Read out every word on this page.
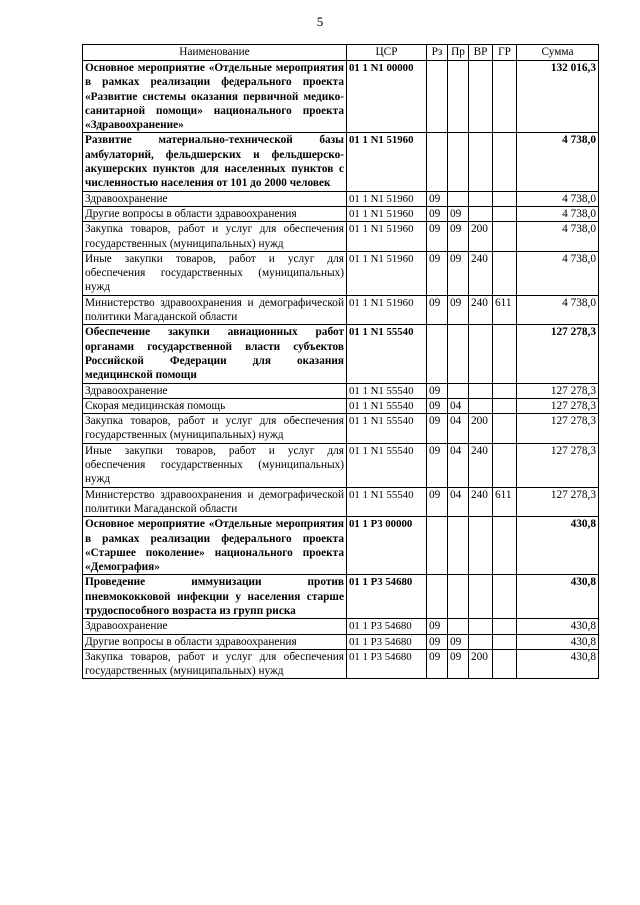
5
Наименование	ЦСР	Рз	Пр	ВР	ГР	Сумма
Основное мероприятие «Отдельные мероприятия в рамках реализации федерального проекта «Развитие системы оказания первичной медико-санитарной помощи» национального проекта «Здравоохранение»	01 1 N1 00000					132 016,3
Развитие материально-технической базы амбулаторий, фельдшерских и фельдшерско-акушерских пунктов для населенных пунктов с численностью населения от 101 до 2000 человек	01 1 N1 51960					4 738,0
Здравоохранение	01 1 N1 51960	09				4 738,0
Другие вопросы в области здравоохранения	01 1 N1 51960	09	09			4 738,0
Закупка товаров, работ и услуг для обеспечения государственных (муниципальных) нужд	01 1 N1 51960	09	09	200		4 738,0
Иные закупки товаров, работ и услуг для обеспечения государственных (муниципальных) нужд	01 1 N1 51960	09	09	240		4 738,0
Министерство здравоохранения и демографической политики Магаданской области	01 1 N1 51960	09	09	240	611	4 738,0
Обеспечение закупки авиационных работ органами государственной власти субъектов Российской Федерации для оказания медицинской помощи	01 1 N1 55540					127 278,3
Здравоохранение	01 1 N1 55540	09				127 278,3
Скорая медицинская помощь	01 1 N1 55540	09	04			127 278,3
Закупка товаров, работ и услуг для обеспечения государственных (муниципальных) нужд	01 1 N1 55540	09	04	200		127 278,3
Иные закупки товаров, работ и услуг для обеспечения государственных (муниципальных) нужд	01 1 N1 55540	09	04	240		127 278,3
Министерство здравоохранения и демографической политики Магаданской области	01 1 N1 55540	09	04	240	611	127 278,3
Основное мероприятие «Отдельные мероприятия в рамках реализации федерального проекта «Старшее поколение» национального проекта «Демография»	01 1 P3 00000					430,8
Проведение иммунизации против пневмококковой инфекции у населения старше трудоспособного возраста из групп риска	01 1 P3 54680					430,8
Здравоохранение	01 1 P3 54680	09				430,8
Другие вопросы в области здравоохранения	01 1 P3 54680	09	09			430,8
Закупка товаров, работ и услуг для обеспечения государственных (муниципальных) нужд	01 1 P3 54680	09	09	200		430,8
